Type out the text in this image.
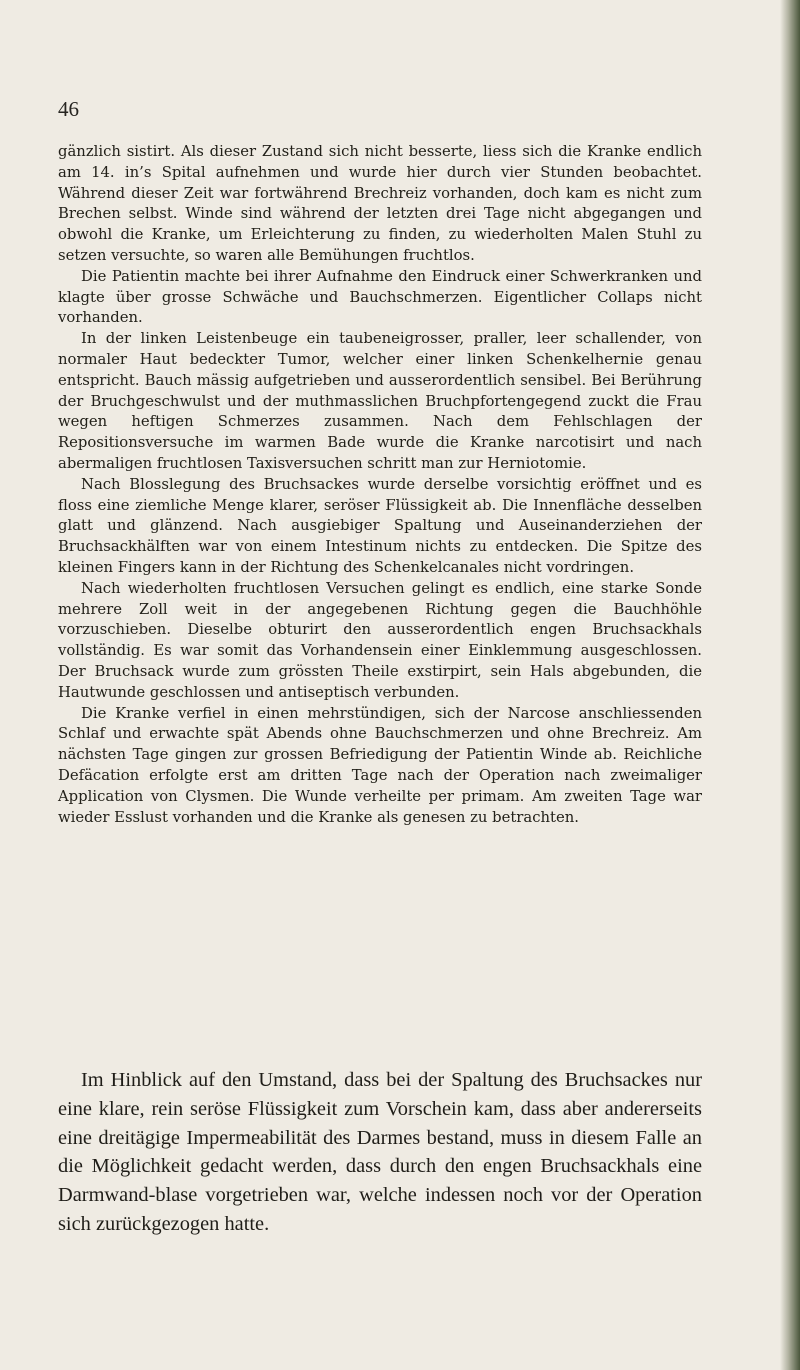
46

gänzlich sistirt. Als dieser Zustand sich nicht besserte, liess sich die Kranke endlich am 14. in’s Spital aufnehmen und wurde hier durch vier Stunden beobachtet. Während dieser Zeit war fortwährend Brechreiz vorhanden, doch kam es nicht zum Brechen selbst. Winde sind während der letzten drei Tage nicht abgegangen und obwohl die Kranke, um Erleichterung zu finden, zu wiederholten Malen Stuhl zu setzen versuchte, so waren alle Bemühungen fruchtlos.

Die Patientin machte bei ihrer Aufnahme den Eindruck einer Schwerkranken und klagte über grosse Schwäche und Bauchschmerzen. Eigentlicher Collaps nicht vorhanden.

In der linken Leistenbeuge ein taubeneigrosser, praller, leer schallender, von normaler Haut bedeckter Tumor, welcher einer linken Schenkelhernie genau entspricht. Bauch mässig aufgetrieben und ausserordentlich sensibel. Bei Berührung der Bruchgeschwulst und der muthmasslichen Bruchpfortengegend zuckt die Frau wegen heftigen Schmerzes zusammen. Nach dem Fehlschlagen der Repositionsversuche im warmen Bade wurde die Kranke narcotisirt und nach abermaligen fruchtlosen Taxisversuchen schritt man zur Herniotomie.

Nach Blosslegung des Bruchsackes wurde derselbe vorsichtig eröffnet und es floss eine ziemliche Menge klarer, seröser Flüssigkeit ab. Die Innenfläche desselben glatt und glänzend. Nach ausgiebiger Spaltung und Auseinanderziehen der Bruchsackhälften war von einem Intestinum nichts zu entdecken. Die Spitze des kleinen Fingers kann in der Richtung des Schenkelcanales nicht vordringen.

Nach wiederholten fruchtlosen Versuchen gelingt es endlich, eine starke Sonde mehrere Zoll weit in der angegebenen Richtung gegen die Bauchhöhle vorzuschieben. Dieselbe obturirt den ausserordentlich engen Bruchsackhals vollständig. Es war somit das Vorhandensein einer Einklemmung ausgeschlossen. Der Bruchsack wurde zum grössten Theile exstirpirt, sein Hals abgebunden, die Hautwunde geschlossen und antiseptisch verbunden.

Die Kranke verfiel in einen mehrstündigen, sich der Narcose anschliessenden Schlaf und erwachte spät Abends ohne Bauchschmerzen und ohne Brechreiz. Am nächsten Tage gingen zur grossen Befriedigung der Patientin Winde ab. Reichliche Defäcation erfolgte erst am dritten Tage nach der Operation nach zweimaliger Application von Clysmen. Die Wunde verheilte per primam. Am zweiten Tage war wieder Esslust vorhanden und die Kranke als genesen zu betrachten.

Im Hinblick auf den Umstand, dass bei der Spaltung des Bruchsackes nur eine klare, rein seröse Flüssigkeit zum Vorschein kam, dass aber andererseits eine dreitägige Impermeabilität des Darmes bestand, muss in diesem Falle an die Möglichkeit gedacht werden, dass durch den engen Bruchsackhals eine Darmwand-blase vorgetrieben war, welche indessen noch vor der Operation sich zurückgezogen hatte.
